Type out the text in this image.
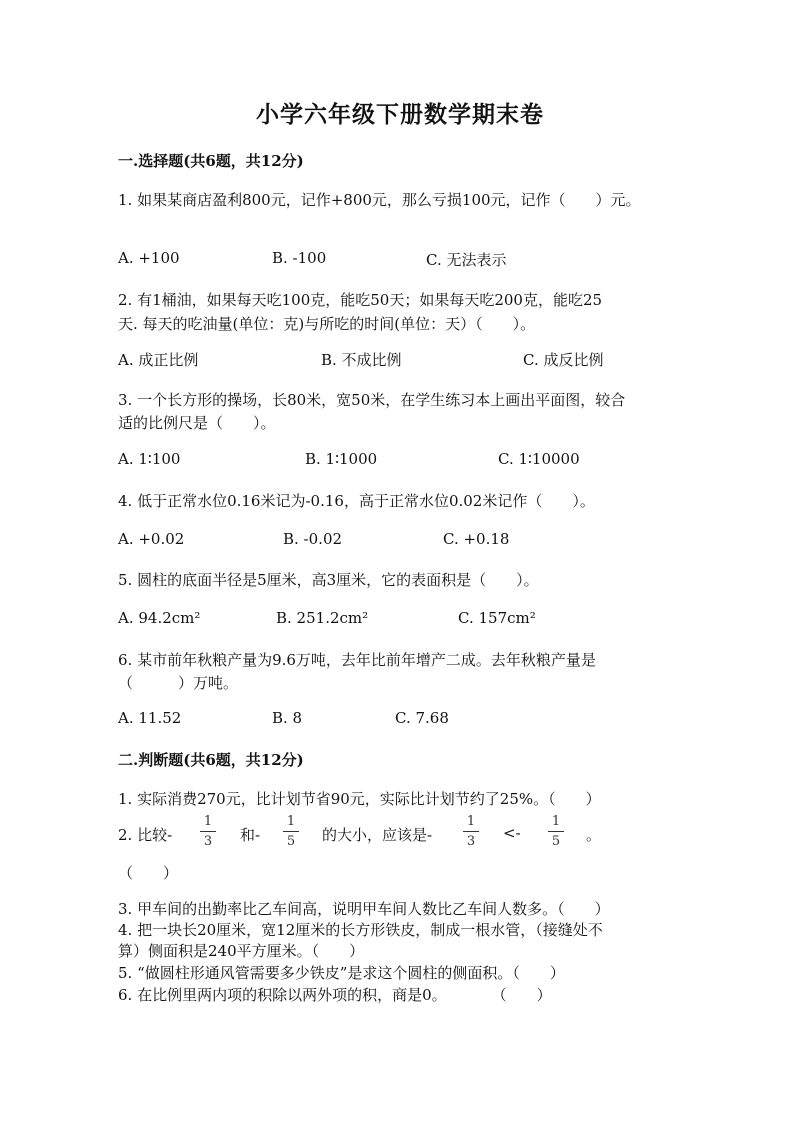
小学六年级下册数学期末卷
一.选择题(共6题，共12分)
1. 如果某商店盈利800元，记作+800元，那么亏损100元，记作（　　）元。
A. +100	B. -100	C. 无法表示
2. 有1桶油，如果每天吃100克，能吃50天；如果每天吃200克，能吃25
天. 每天的吃油量(单位：克)与所吃的时间(单位：天）（　　）。
A. 成正比例	B. 不成比例	C. 成反比例
3. 一个长方形的操场，长80米，宽50米，在学生练习本上画出平面图，较合
适的比例尺是（　　）。
A. 1∶100	B. 1∶1000	C. 1∶10000
4. 低于正常水位0.16米记为-0.16，高于正常水位0.02米记作（　　）。
A. +0.02	B. -0.02	C. +0.18
5. 圆柱的底面半径是5厘米，高3厘米，它的表面积是（　　）。
A. 94.2cm²	B. 251.2cm²	C. 157cm²
6. 某市前年秋粮产量为9.6万吨，去年比前年增产二成。去年秋粮产量是
（　　　）万吨。
A. 11.52	B. 8	C. 7.68
二.判断题(共6题，共12分)
1. 实际消费270元，比计划节省90元，实际比计划节约了25%。（　　）
2. 比较-
1
3 和-
1
5 的大小，应该是-
1
3 <-
1
5 。
（　　）
3. 甲车间的出勤率比乙车间高，说明甲车间人数比乙车间人数多。（　　）
4. 把一块长20厘米，宽12厘米的长方形铁皮，制成一根水管，（接缝处不
算）侧面积是240平方厘米。（　　）
5. “做圆柱形通风管需要多少铁皮”是求这个圆柱的侧面积。（　　）
6. 在比例里两内项的积除以两外项的积，商是0。　　　　（　　）
